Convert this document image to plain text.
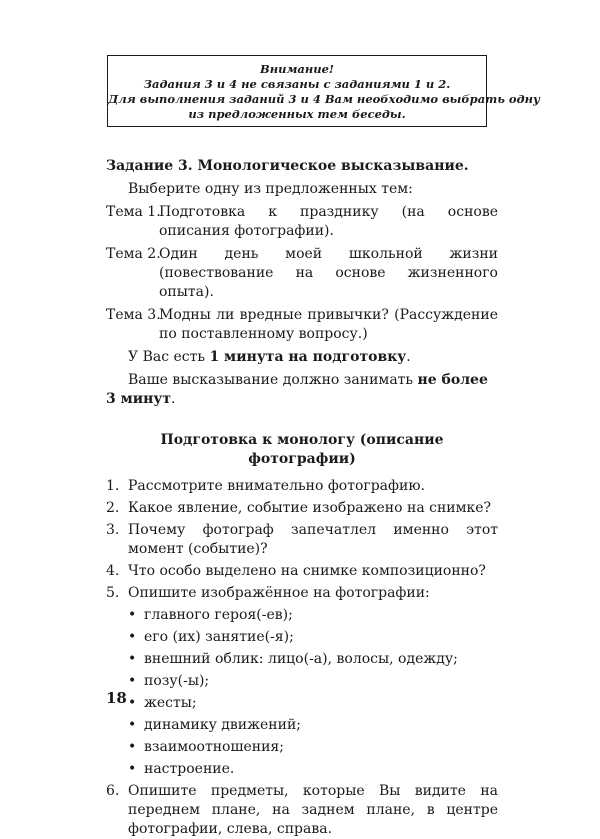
Внимание!
Задания 3 и 4 не связаны с заданиями 1 и 2.
Для выполнения заданий 3 и 4 Вам необходимо выбрать одну
из предложенных тем беседы.

Задание 3. Монологическое высказывание.

Выберите одну из предложенных тем:

Тема 1.
Подготовка к празднику (на основе описания фотографии).
Тема 2.
Один день моей школьной жизни (повествование на основе жизненного опыта).
Тема 3.
Модны ли вредные привычки? (Рассуждение по поставленному вопросу.)

У Вас есть 1 минута на подготовку.

Ваше высказывание должно занимать не более 3 минут.

Подготовка к монологу (описание фотографии)

1. Рассмотрите внимательно фотографию.
2. Какое явление, событие изображено на снимке?
3. Почему фотограф запечатлел именно этот момент (событие)?
4. Что особо выделено на снимке композиционно?
5. Опишите изображённое на фотографии:
• главного героя(-ев);
• его (их) занятие(-я);
• внешний облик: лицо(-а), волосы, одежду;
• позу(-ы);
• жесты;
• динамику движений;
• взаимоотношения;
• настроение.
6. Опишите предметы, которые Вы видите на переднем плане, на заднем плане, в центре фотографии, слева, справа.
18
